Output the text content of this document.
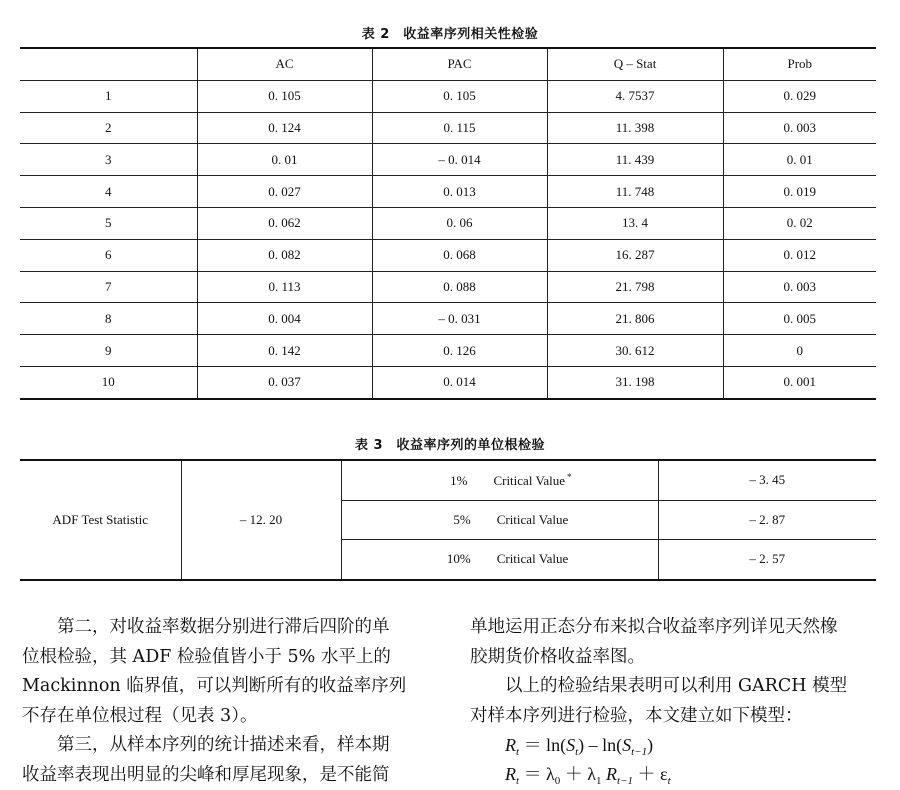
表 2　收益率序列相关性检验
	AC	PAC	Q – Stat	Prob
1	0. 105	0. 105	4. 7537	0. 029
2	0. 124	0. 115	11. 398	0. 003
3	0. 01	– 0. 014	11. 439	0. 01
4	0. 027	0. 013	11. 748	0. 019
5	0. 062	0. 06	13. 4	0. 02
6	0. 082	0. 068	16. 287	0. 012
7	0. 113	0. 088	21. 798	0. 003
8	0. 004	– 0. 031	21. 806	0. 005
9	0. 142	0. 126	30. 612	0
10	0. 037	0. 014	31. 198	0. 001
表 3　收益率序列的单位根检验
ADF Test Statistic	– 12. 20	1% Critical Value *	– 3. 45
		5% Critical Value	– 2. 87
		10% Critical Value	– 2. 57
　　第二，对收益率数据分别进行滞后四阶的单
位根检验，其 ADF 检验值皆小于 5% 水平上的
Mackinnon 临界值，可以判断所有的收益率序列
不存在单位根过程（见表 3）。
　　第三，从样本序列的统计描述来看，样本期
收益率表现出明显的尖峰和厚尾现象，是不能简
单地运用正态分布来拟合收益率序列详见天然橡
胶期货价格收益率图。
　　以上的检验结果表明可以利用 GARCH 模型
对样本序列进行检验，本文建立如下模型：
$R_t = \ln(S_t) - \ln(S_{t-1})$
$R_t = \lambda_0 + \lambda_1$ $R_{t-1} + \varepsilon_t$
